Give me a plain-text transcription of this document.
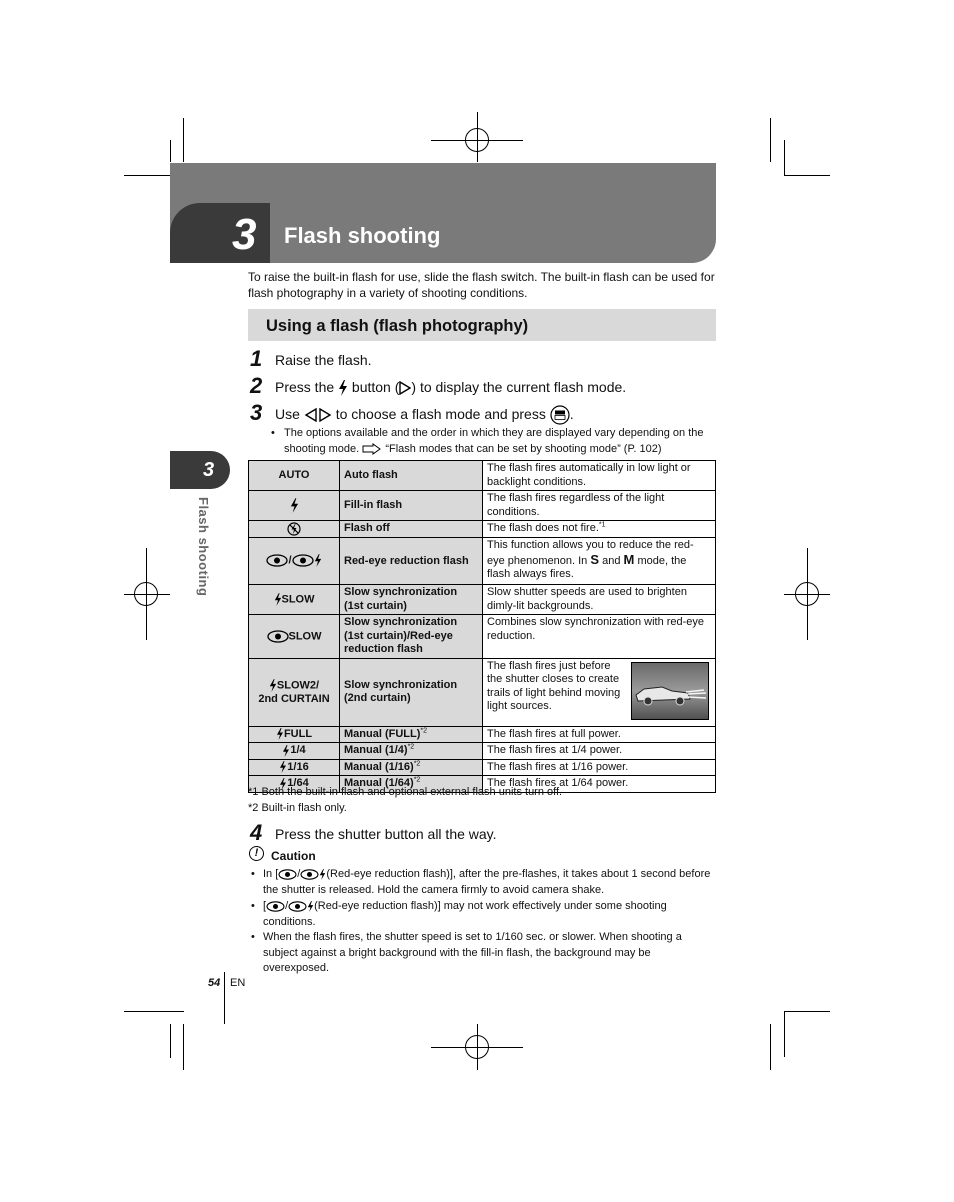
3 Flash shooting
To raise the built-in flash for use, slide the flash switch. The built-in flash can be used for flash photography in a variety of shooting conditions.
Using a flash (flash photography)
1 Raise the flash.
2 Press the button ( ) to display the current flash mode.
3 Use	to choose a flash mode and press .
• The options available and the order in which they are displayed vary depending on the shooting mode. “Flash modes that can be set by shooting mode” (P. 102)
3
Flash shooting
AUTO	Auto flash	The flash fires automatically in low light or backlight conditions.
	Fill-in flash	The flash fires regardless of the light conditions.
	Flash off	The flash does not fire.$^{*1}$
/	Red-eye reduction flash	This function allows you to reduce the red-eye phenomenon. In S and M mode, the flash always fires.
SLOW	Slow synchronization (1st curtain)	Slow shutter speeds are used to brighten dimly-lit backgrounds.
SLOW	Slow synchronization (1st curtain)/Red-eye reduction flash	Combines slow synchronization with red-eye reduction.
SLOW2/
2nd CURTAIN	Slow synchronization (2nd curtain)	The flash fires just before the shutter closes to create trails of light behind moving light sources.
FULL	Manual (FULL)$^{*2}$	The flash fires at full power.
1/4	Manual $(1/4)^{*2}$	The flash fires at 1/4 power.
1/16	Manual $(1/16)^{*2}$	The flash fires at 1/16 power.
1/64	Manual $(1/64)^{*2}$	The flash fires at 1/64 power.
*1 Both the built-in flash and optional external flash units turn off.
*2 Built-in flash only.
4 Press the shutter button all the way.
!	Caution
• In [ / (Red-eye reduction flash)], after the pre-flashes, it takes about 1 second before the shutter is released. Hold the camera firmly to avoid camera shake.
• [ / (Red-eye reduction flash)] may not work effectively under some shooting conditions.
• When the flash fires, the shutter speed is set to 1/160 sec. or slower. When shooting a subject against a bright background with the fill-in flash, the background may be overexposed.
54 EN
